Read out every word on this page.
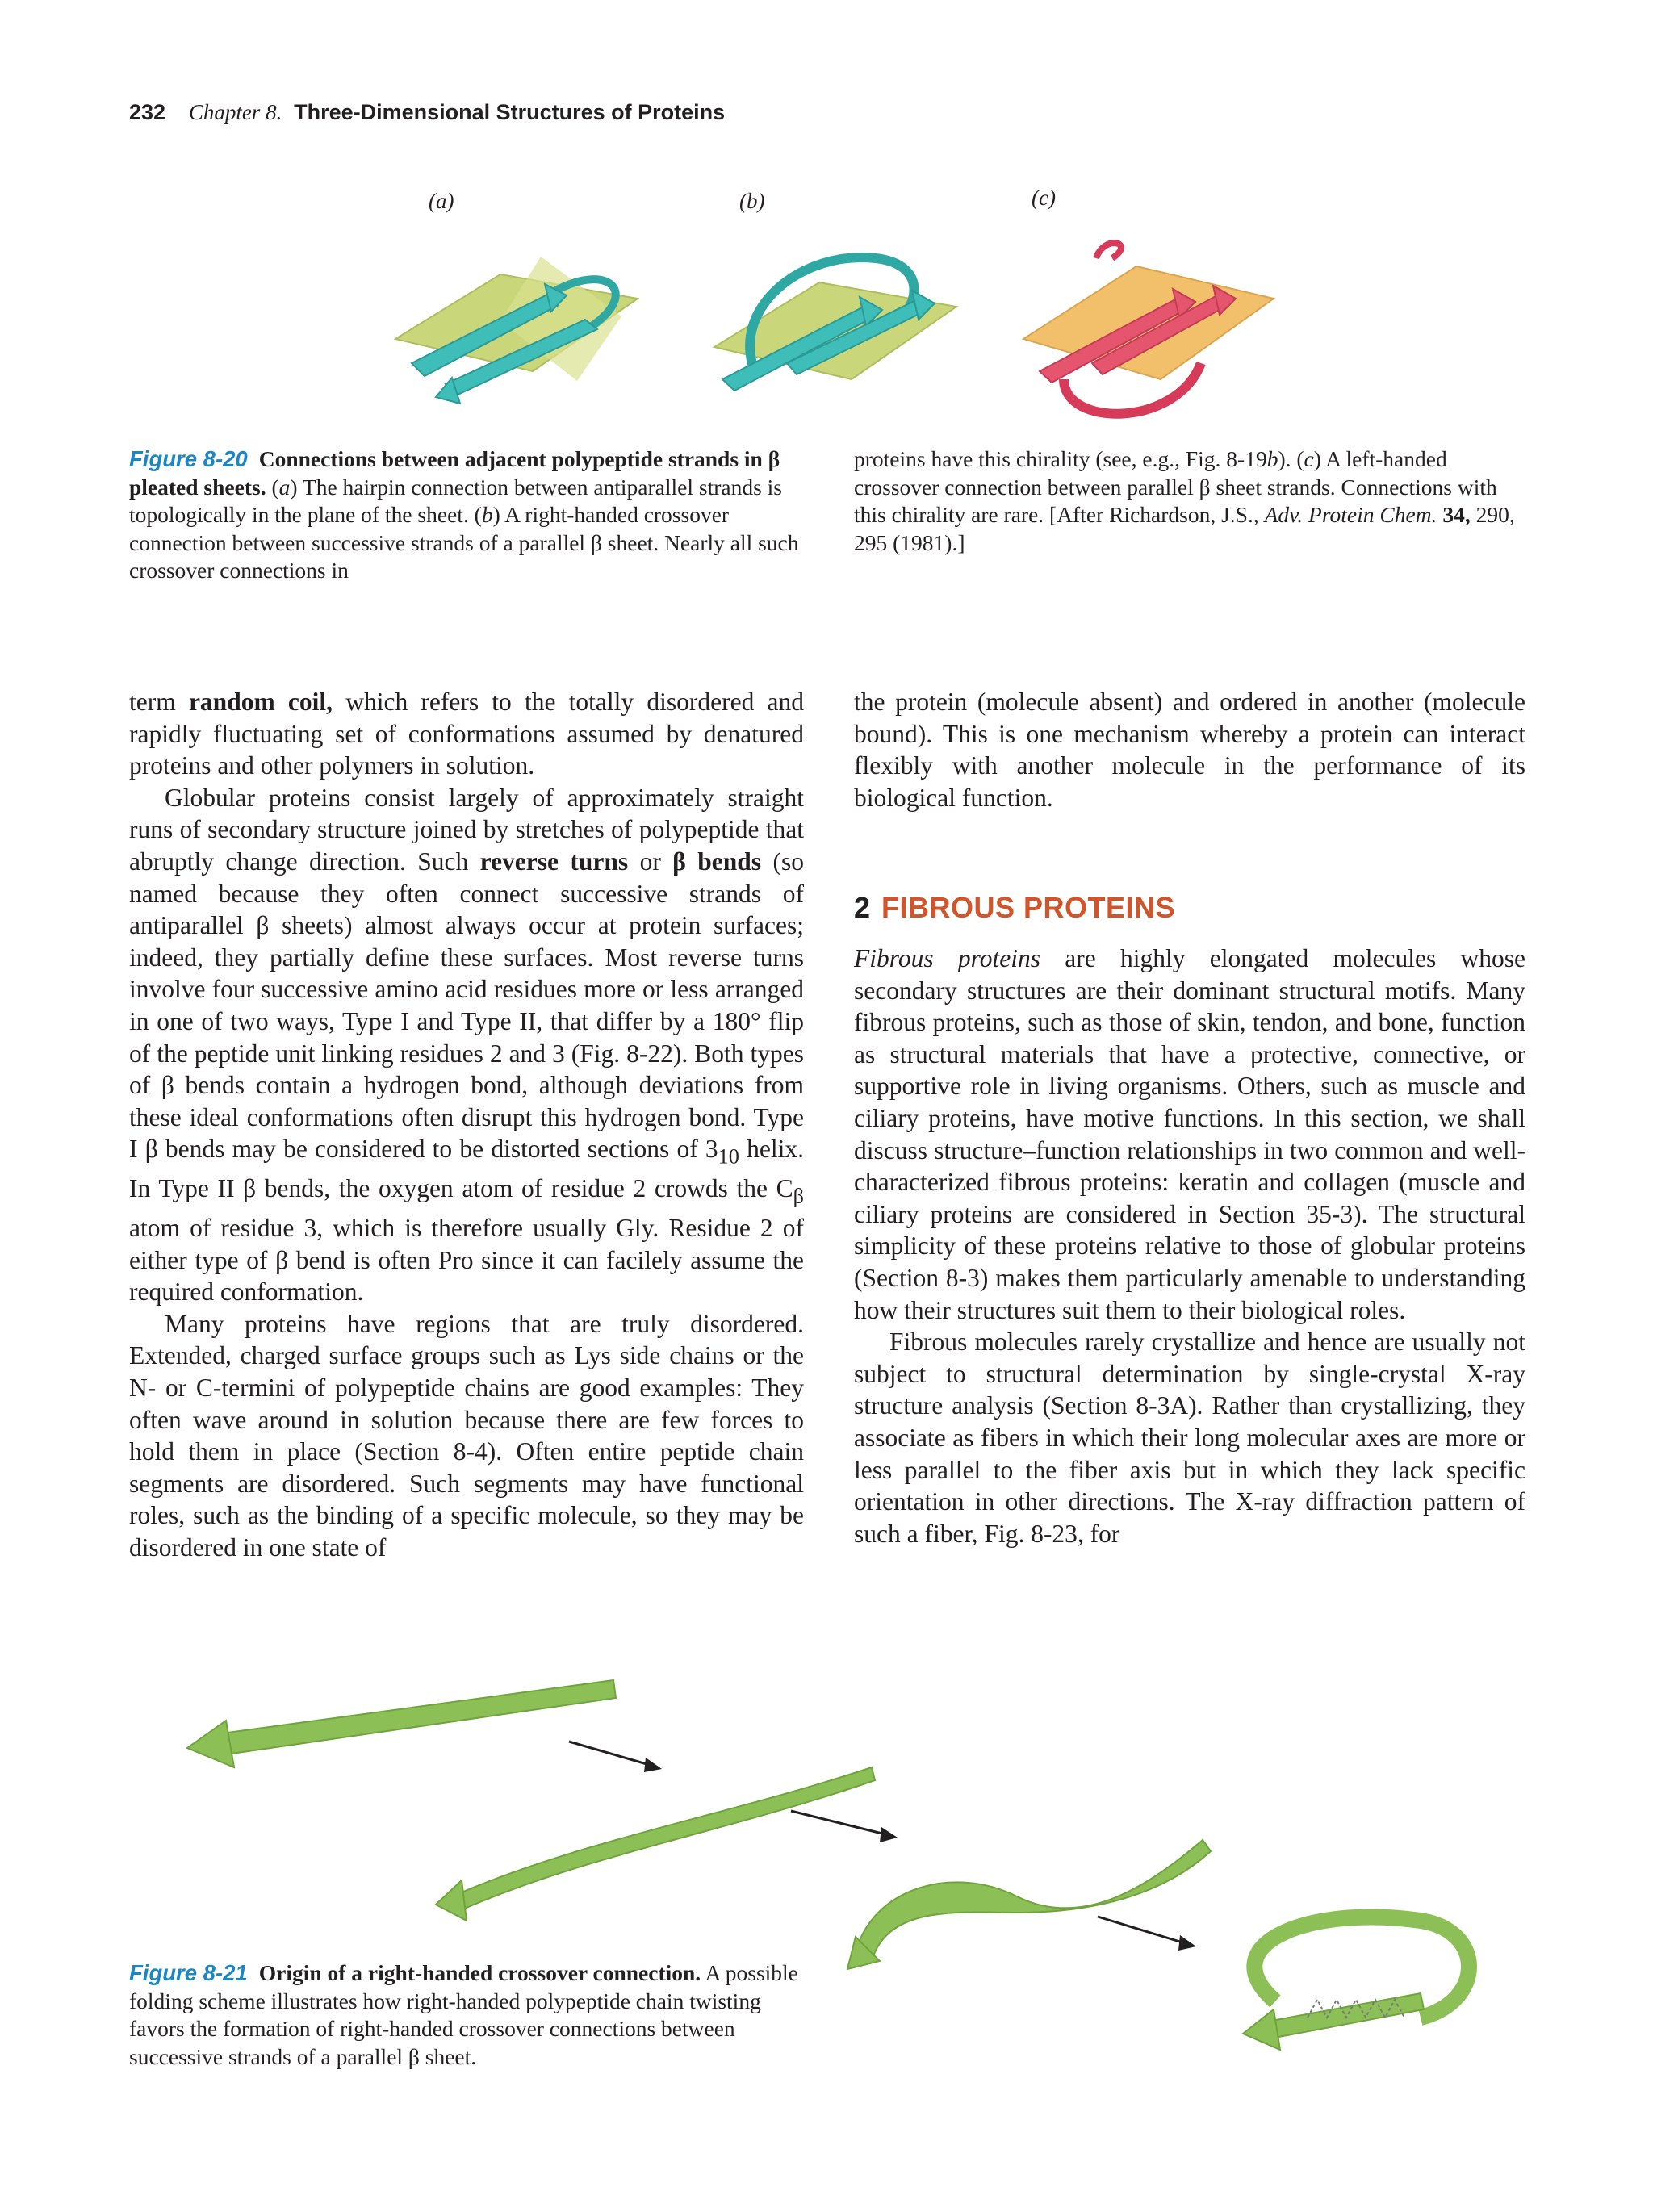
232 Chapter 8. Three-Dimensional Structures of Proteins
(a)	(b)	(c)
Figure 8-20 Connections between adjacent polypeptide strands in β pleated sheets. (a) The hairpin connection between antiparallel strands is topologically in the plane of the sheet. (b) A right-handed crossover connection between successive strands of a parallel β sheet. Nearly all such crossover connections in
proteins have this chirality (see, e.g., Fig. 8-19b). (c) A left-handed crossover connection between parallel β sheet strands. Connections with this chirality are rare. [After Richardson, J.S., Adv. Protein Chem. 34, 290, 295 (1981).]

term random coil, which refers to the totally disordered and rapidly fluctuating set of conformations assumed by denatured proteins and other polymers in solution.

Globular proteins consist largely of approximately straight runs of secondary structure joined by stretches of polypeptide that abruptly change direction. Such reverse turns or β bends (so named because they often connect successive strands of antiparallel β sheets) almost always occur at protein surfaces; indeed, they partially define these surfaces. Most reverse turns involve four successive amino acid residues more or less arranged in one of two ways, Type I and Type II, that differ by a 180° flip of the peptide unit linking residues 2 and 3 (Fig. 8-22). Both types of β bends contain a hydrogen bond, although deviations from these ideal conformations often disrupt this hydrogen bond. Type I β bends may be considered to be distorted sections of $3_{10}$ helix. In Type II β bends, the oxygen atom of residue 2 crowds the $C_\beta$ atom of residue 3, which is therefore usually Gly. Residue 2 of either type of β bend is often Pro since it can facilely assume the required conformation.

Many proteins have regions that are truly disordered. Extended, charged surface groups such as Lys side chains or the N- or C-termini of polypeptide chains are good examples: They often wave around in solution because there are few forces to hold them in place (Section 8-4). Often entire peptide chain segments are disordered. Such segments may have functional roles, such as the binding of a specific molecule, so they may be disordered in one state of

the protein (molecule absent) and ordered in another (molecule bound). This is one mechanism whereby a protein can interact flexibly with another molecule in the performance of its biological function.

2 FIBROUS PROTEINS

Fibrous proteins are highly elongated molecules whose secondary structures are their dominant structural motifs. Many fibrous proteins, such as those of skin, tendon, and bone, function as structural materials that have a protective, connective, or supportive role in living organisms. Others, such as muscle and ciliary proteins, have motive functions. In this section, we shall discuss structure–function relationships in two common and well-characterized fibrous proteins: keratin and collagen (muscle and ciliary proteins are considered in Section 35-3). The structural simplicity of these proteins relative to those of globular proteins (Section 8-3) makes them particularly amenable to understanding how their structures suit them to their biological roles.

Fibrous molecules rarely crystallize and hence are usually not subject to structural determination by single-crystal X-ray structure analysis (Section 8-3A). Rather than crystallizing, they associate as fibers in which their long molecular axes are more or less parallel to the fiber axis but in which they lack specific orientation in other directions. The X-ray diffraction pattern of such a fiber, Fig. 8-23, for

Figure 8-21 Origin of a right-handed crossover connection. A possible folding scheme illustrates how right-handed polypeptide chain twisting favors the formation of right-handed crossover connections between successive strands of a parallel β sheet.
